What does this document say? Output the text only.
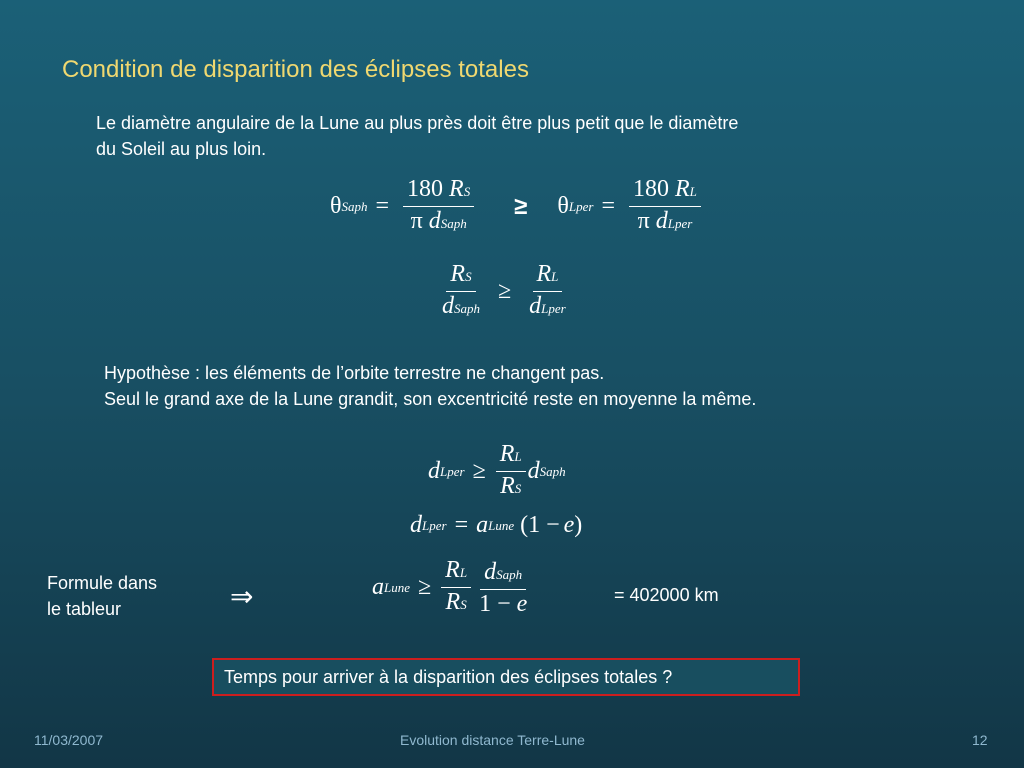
Condition de disparition des éclipses totales
Le diamètre angulaire de la Lune au plus près doit être plus petit que le diamètre
du Soleil au plus loin.
θ Saph = $\frac{180 RS}{\text{π dSaph}} \ge \theta$ Lper = $\frac{180 RL}{\text{π dLper}}$
$\frac{RS}{\text{dSaph}} \ge \frac{RL}{\text{dLper}}$
Hypothèse : les éléments de l’orbite terrestre ne changent pas.
Seul le grand axe de la Lune grandit, son excentricité reste en moyenne la même.
d Lper ≥ $\frac{RL}{RS}$ d Saph
d Lper = a Lune (1 − e )
Formule dans
le tableur	⇒	a Lune ≥ $\frac{RL}{RS} \frac{\text{dSaph}}{1 - e}$	= 402000 km
Temps pour arriver à la disparition des éclipses totales ?
11/03/2007	Evolution distance Terre-Lune	12
